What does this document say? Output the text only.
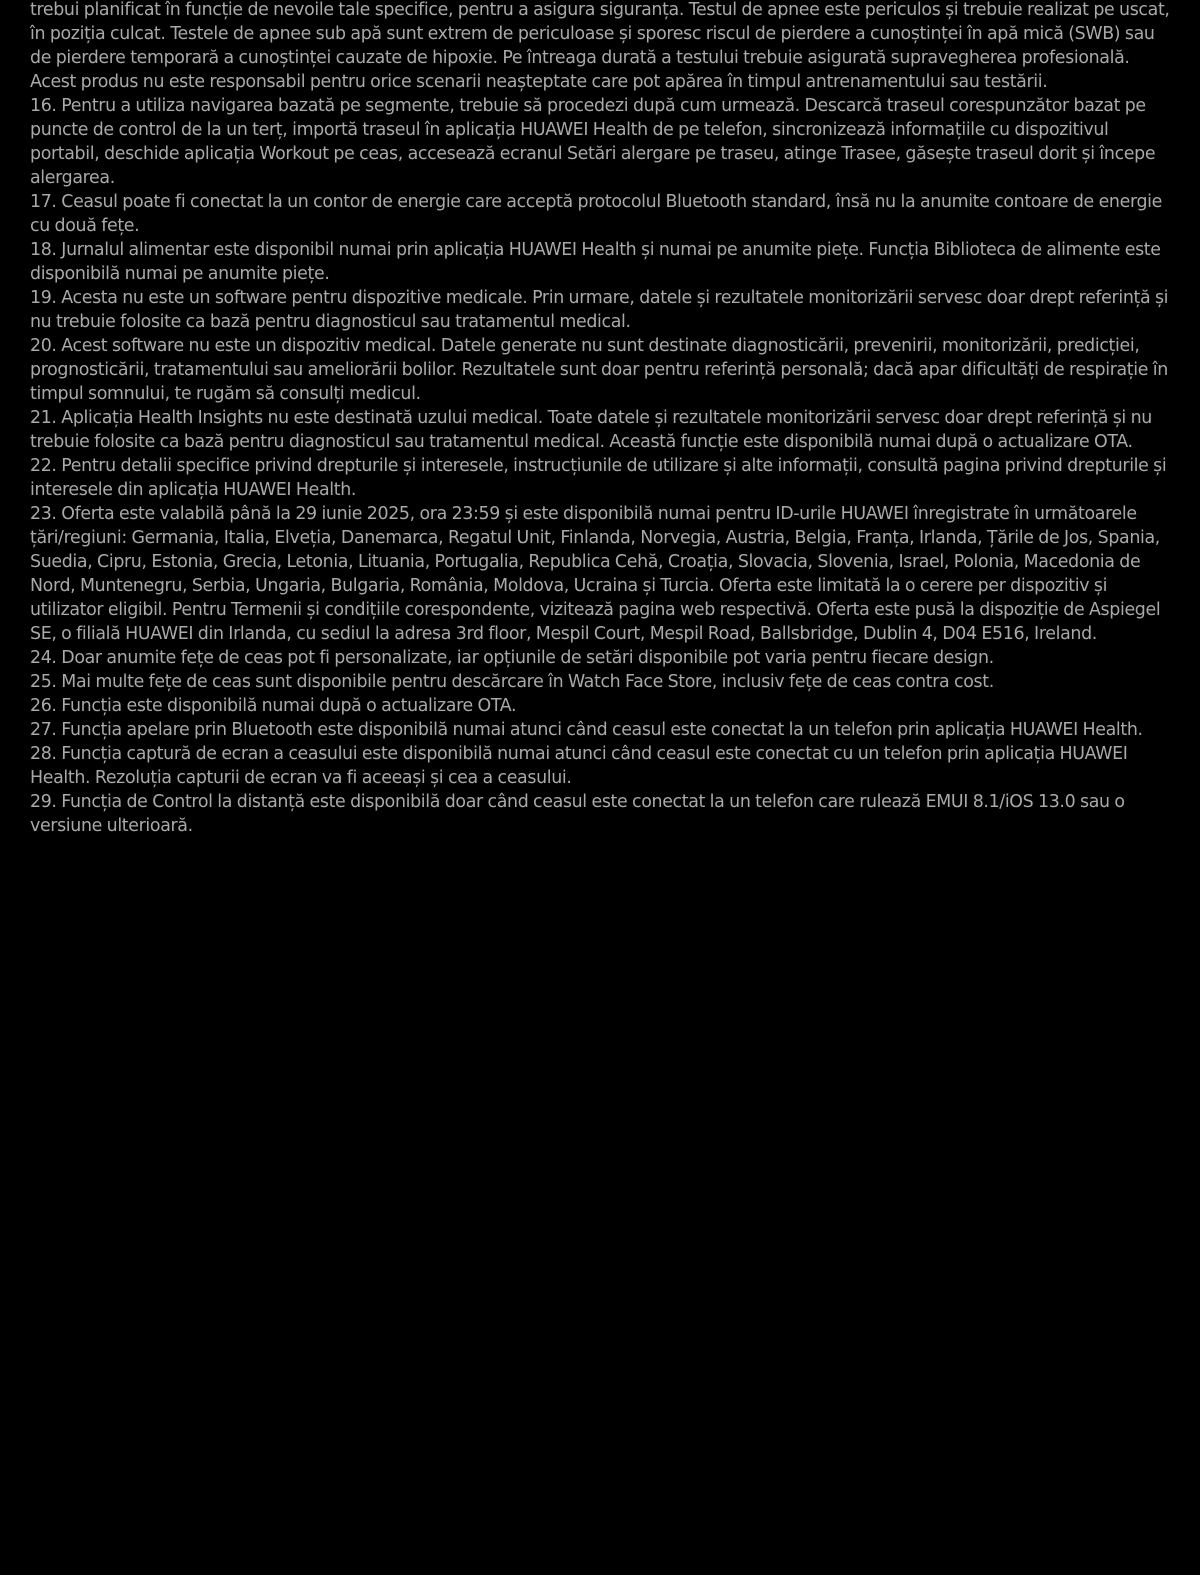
trebui planificat în funcție de nevoile tale specifice, pentru a asigura siguranța. Testul de apnee este periculos și trebuie realizat pe uscat, în poziția culcat. Testele de apnee sub apă sunt extrem de periculoase și sporesc riscul de pierdere a cunoștinței în apă mică (SWB) sau de pierdere temporară a cunoștinței cauzate de hipoxie. Pe întreaga durată a testului trebuie asigurată supravegherea profesională. Acest produs nu este responsabil pentru orice scenarii neașteptate care pot apărea în timpul antrenamentului sau testării.

16. Pentru a utiliza navigarea bazată pe segmente, trebuie să procedezi după cum urmează. Descarcă traseul corespunzător bazat pe puncte de control de la un terț, importă traseul în aplicația HUAWEI Health de pe telefon, sincronizează informațiile cu dispozitivul portabil, deschide aplicația Workout pe ceas, accesează ecranul Setări alergare pe traseu, atinge Trasee, găsește traseul dorit și începe alergarea.

17. Ceasul poate fi conectat la un contor de energie care acceptă protocolul Bluetooth standard, însă nu la anumite contoare de energie cu două fețe.

18. Jurnalul alimentar este disponibil numai prin aplicația HUAWEI Health și numai pe anumite piețe. Funcția Biblioteca de alimente este disponibilă numai pe anumite piețe.

19. Acesta nu este un software pentru dispozitive medicale. Prin urmare, datele și rezultatele monitorizării servesc doar drept referință și nu trebuie folosite ca bază pentru diagnosticul sau tratamentul medical.

20. Acest software nu este un dispozitiv medical. Datele generate nu sunt destinate diagnosticării, prevenirii, monitorizării, predicției, prognosticării, tratamentului sau ameliorării bolilor. Rezultatele sunt doar pentru referință personală; dacă apar dificultăți de respirație în timpul somnului, te rugăm să consulți medicul.

21. Aplicația Health Insights nu este destinată uzului medical. Toate datele și rezultatele monitorizării servesc doar drept referință și nu trebuie folosite ca bază pentru diagnosticul sau tratamentul medical. Această funcție este disponibilă numai după o actualizare OTA.

22. Pentru detalii specifice privind drepturile și interesele, instrucțiunile de utilizare și alte informații, consultă pagina privind drepturile și interesele din aplicația HUAWEI Health.

23. Oferta este valabilă până la 29 iunie 2025, ora 23:59 și este disponibilă numai pentru ID-urile HUAWEI înregistrate în următoarele țări/regiuni: Germania, Italia, Elveția, Danemarca, Regatul Unit, Finlanda, Norvegia, Austria, Belgia, Franța, Irlanda, Țările de Jos, Spania, Suedia, Cipru, Estonia, Grecia, Letonia, Lituania, Portugalia, Republica Cehă, Croația, Slovacia, Slovenia, Israel, Polonia, Macedonia de Nord, Muntenegru, Serbia, Ungaria, Bulgaria, România, Moldova, Ucraina și Turcia. Oferta este limitată la o cerere per dispozitiv și utilizator eligibil. Pentru Termenii și condițiile corespondente, vizitează pagina web respectivă. Oferta este pusă la dispoziție de Aspiegel SE, o filială HUAWEI din Irlanda, cu sediul la adresa 3rd floor, Mespil Court, Mespil Road, Ballsbridge, Dublin 4, D04 E516, Ireland.

24. Doar anumite fețe de ceas pot fi personalizate, iar opțiunile de setări disponibile pot varia pentru fiecare design.

25. Mai multe fețe de ceas sunt disponibile pentru descărcare în Watch Face Store, inclusiv fețe de ceas contra cost.

26. Funcția este disponibilă numai după o actualizare OTA.

27. Funcția apelare prin Bluetooth este disponibilă numai atunci când ceasul este conectat la un telefon prin aplicația HUAWEI Health.

28. Funcția captură de ecran a ceasului este disponibilă numai atunci când ceasul este conectat cu un telefon prin aplicația HUAWEI Health. Rezoluția capturii de ecran va fi aceeași și cea a ceasului.

29. Funcția de Control la distanță este disponibilă doar când ceasul este conectat la un telefon care rulează EMUI 8.1/iOS 13.0 sau o versiune ulterioară.
